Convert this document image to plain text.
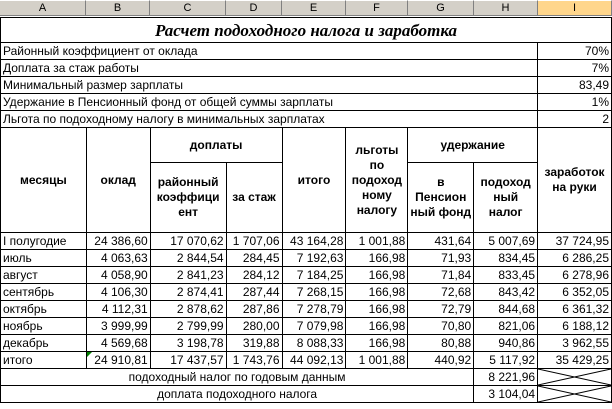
A	B	C	D	E	F	G	H	I
Расчет подоходного налога и заработка								
Районный коэффициент от оклада								70%
Доплата за стаж работы								7%
Минимальный размер зарплаты								83,49
Удержание в Пенсионный фонд от общей суммы зарплаты								1%
Льгота по подоходному налогу в минимальных зарплатах								2
месяцы	оклад	доплаты		итого	льготы по подоход ному налогу	удержание		заработок на руки
		районный коэффици ент	за стаж			в Пенсион ный фонд	подоход ный налог	
I полугодие	24 386,60	17 070,62	1 707,06	43 164,28	1 001,88	431,64	5 007,69	37 724,95
июль	4 063,63	2 844,54	284,45	7 192,63	166,98	71,93	834,45	6 286,25
август	4 058,90	2 841,23	284,12	7 184,25	166,98	71,84	833,45	6 278,96
сентябрь	4 106,30	2 874,41	287,44	7 268,15	166,98	72,68	843,42	6 352,05
октябрь	4 112,31	2 878,62	287,86	7 278,79	166,98	72,79	844,68	6 361,32
ноябрь	3 999,99	2 799,99	280,00	7 079,98	166,98	70,80	821,06	6 188,12
декабрь	4 569,68	3 198,78	319,88	8 088,33	166,98	80,88	940,86	3 962,55
итого	24 910,81	17 437,57	1 743,76	44 092,13	1 001,88	440,92	5 117,92	35 429,25

подоходный налог по годовым данным							8 221,96	

доплата подоходного налога							3 104,04	
